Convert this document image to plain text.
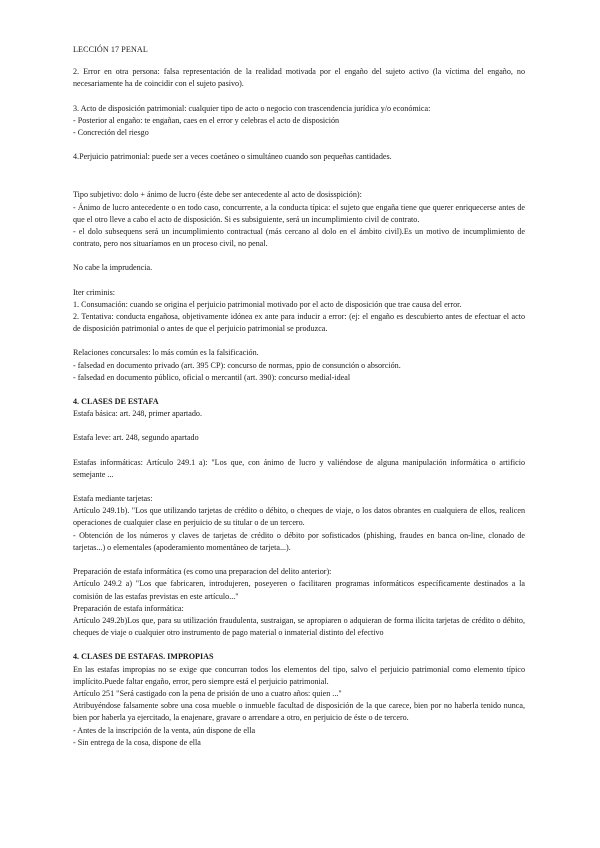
LECCIÓN 17 PENAL

2. Error en otra persona: falsa representación de la realidad motivada por el engaño del sujeto activo (la víctima del engaño, no necesariamente ha de coincidir con el sujeto pasivo).

3. Acto de disposición patrimonial: cualquier tipo de acto o negocio con trascendencia jurídica y/o económica:

- Posterior al engaño: te engañan, caes en el error y celebras el acto de disposición

- Concreción del riesgo

4.Perjuicio patrimonial: puede ser a veces coetáneo o simultáneo cuando son pequeñas cantidades.

Tipo subjetivo: dolo + ánimo de lucro (éste debe ser antecedente al acto de dosisspición):

- Ánimo de lucro antecedente o en todo caso, concurrente, a la conducta típica: el sujeto que engaña tiene que querer enriquecerse antes de que el otro lleve a cabo el acto de disposición. Si es subsiguiente, será un incumplimiento civil de contrato.

- el dolo subsequens será un incumplimiento contractual (más cercano al dolo en el ámbito civil).Es un motivo de incumplimiento de contrato, pero nos situaríamos en un proceso civil, no penal.

No cabe la imprudencia.

Iter criminis:

1. Consumación: cuando se origina el perjuicio patrimonial motivado por el acto de disposición que trae causa del error.

2. Tentativa: conducta engañosa, objetivamente idónea ex ante para inducir a error: (ej: el engaño es descubierto antes de efectuar el acto de disposición patrimonial o antes de que el perjuicio patrimonial se produzca.

Relaciones concursales: lo más común es la falsificación.

- falsedad en documento privado (art. 395 CP): concurso de normas, ppio de consunción o absorción.

- falsedad en documento público, oficial o mercantil (art. 390): concurso medial-ideal

4. CLASES DE ESTAFA

Estafa básica: art. 248, primer apartado.

Estafa leve: art. 248, segundo apartado

Estafas informáticas: Artículo 249.1 a): "Los que, con ánimo de lucro y valiéndose de alguna manipulación informática o artificio semejante ...

Estafa mediante tarjetas:

Artículo 249.1b). "Los que utilizando tarjetas de crédito o débito, o cheques de viaje, o los datos obrantes en cualquiera de ellos, realicen operaciones de cualquier clase en perjuicio de su titular o de un tercero.

- Obtención de los números y claves de tarjetas de crédito o débito por sofisticados (phishing, fraudes en banca on-line, clonado de tarjetas...) o elementales (apoderamiento momentáneo de tarjeta...).

Preparación de estafa informática (es como una preparacion del delito anterior):

Artículo 249.2 a) "Los que fabricaren, introdujeren, poseyeren o facilitaren programas informáticos específicamente destinados a la comisión de las estafas previstas en este artículo..."

Preparación de estafa informática:

Artículo 249.2b)Los que, para su utilización fraudulenta, sustraigan, se apropiaren o adquieran de forma ilícita tarjetas de crédito o débito, cheques de viaje o cualquier otro instrumento de pago material o inmaterial distinto del efectivo

4. CLASES DE ESTAFAS. IMPROPIAS

En las estafas impropias no se exige que concurran todos los elementos del tipo, salvo el perjuicio patrimonial como elemento típico implícito.Puede faltar engaño, error, pero siempre está el perjuicio patrimonial.

Artículo 251 "Será castigado con la pena de prisión de uno a cuatro años: quien ..."

Atribuyéndose falsamente sobre una cosa mueble o inmueble facultad de disposición de la que carece, bien por no haberla tenido nunca, bien por haberla ya ejercitado, la enajenare, gravare o arrendare a otro, en perjuicio de éste o de tercero.

- Antes de la inscripción de la venta, aún dispone de ella

- Sin entrega de la cosa, dispone de ella
